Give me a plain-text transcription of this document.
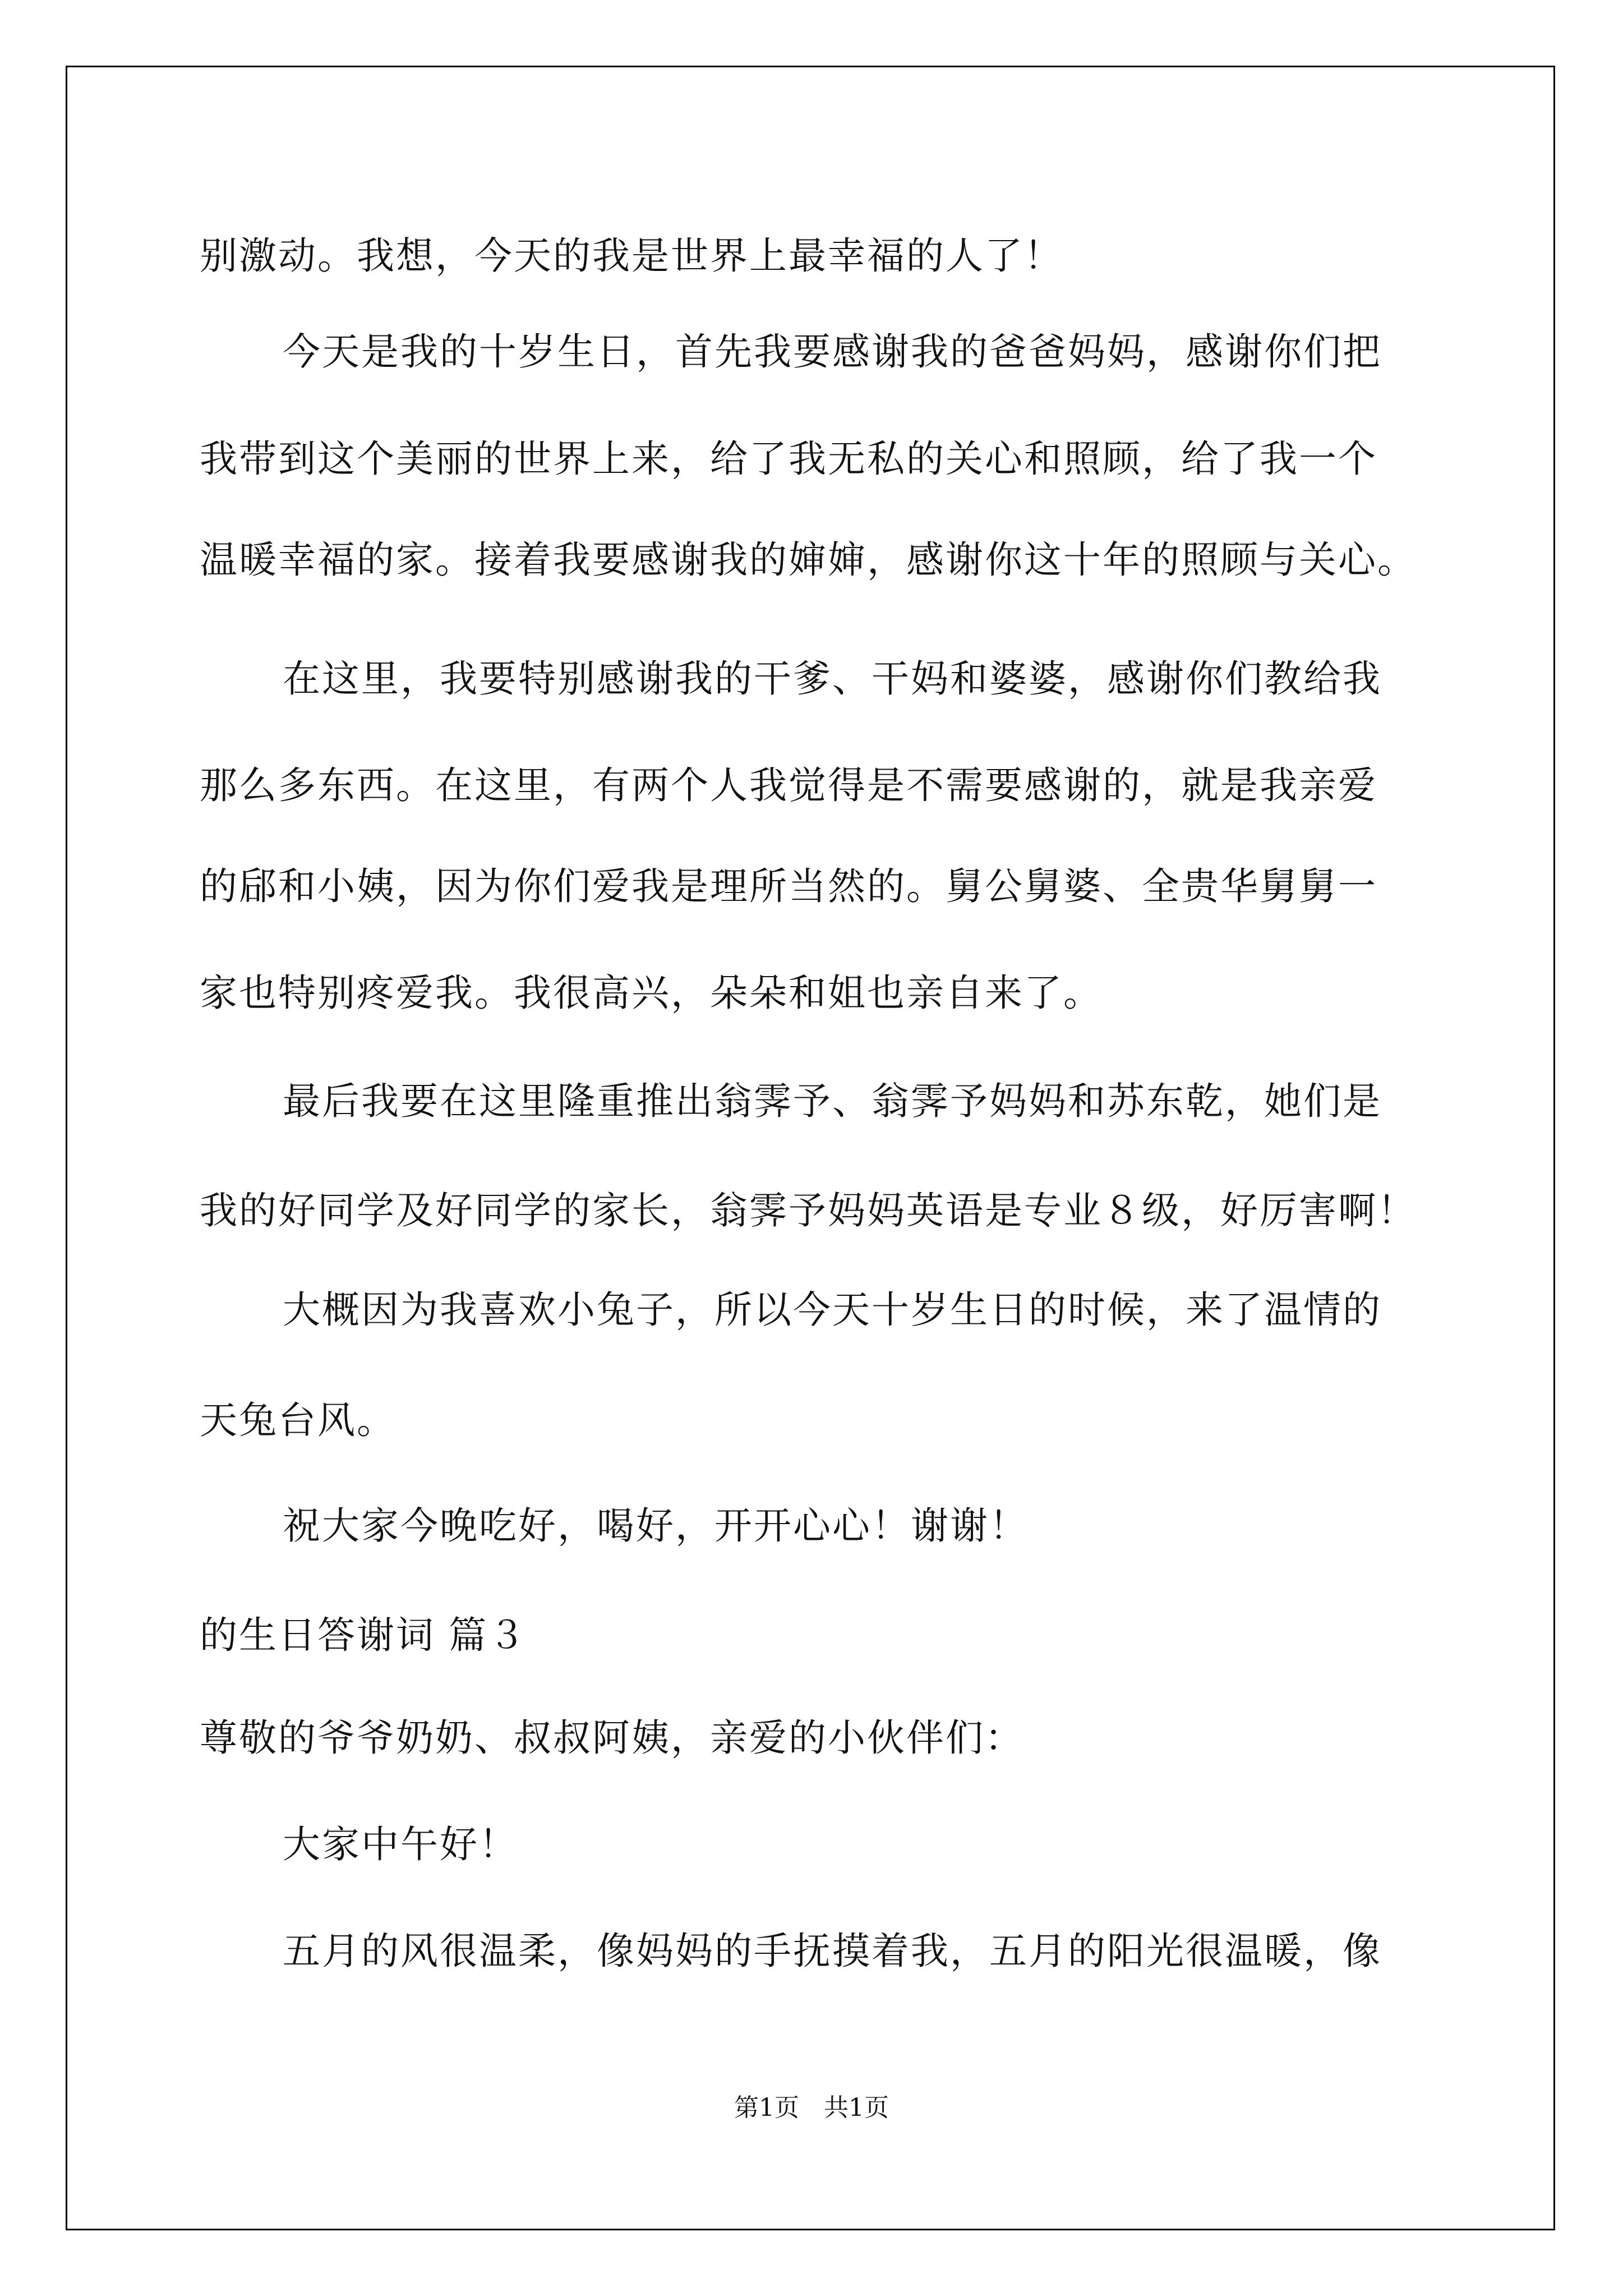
别激动。我想，今天的我是世界上最幸福的人了！
今天是我的十岁生日，首先我要感谢我的爸爸妈妈，感谢你们把
我带到这个美丽的世界上来，给了我无私的关心和照顾，给了我一个
温暖幸福的家。接着我要感谢我的婶婶，感谢你这十年的照顾与关心。
在这里，我要特别感谢我的干爹、干妈和婆婆，感谢你们教给我
那么多东西。在这里，有两个人我觉得是不需要感谢的，就是我亲爱
的郈和小姨，因为你们爱我是理所当然的。舅公舅婆、全贵华舅舅一
家也特别疼爱我。我很高兴，朵朵和姐也亲自来了。
最后我要在这里隆重推出翁霁予、翁霁予妈妈和苏东乾，她们是
我的好同学及好同学的家长，翁霁予妈妈英语是专业８级，好厉害啊！
大概因为我喜欢小兔子，所以今天十岁生日的时候，来了温情的
天兔台风。
祝大家今晚吃好，喝好，开开心心！谢谢！
的生日答谢词 篇３
尊敬的爷爷奶奶、叔叔阿姨，亲爱的小伙伴们：
大家中午好！
五月的风很温柔，像妈妈的手抚摸着我，五月的阳光很温暖，像
第1页　共1页
